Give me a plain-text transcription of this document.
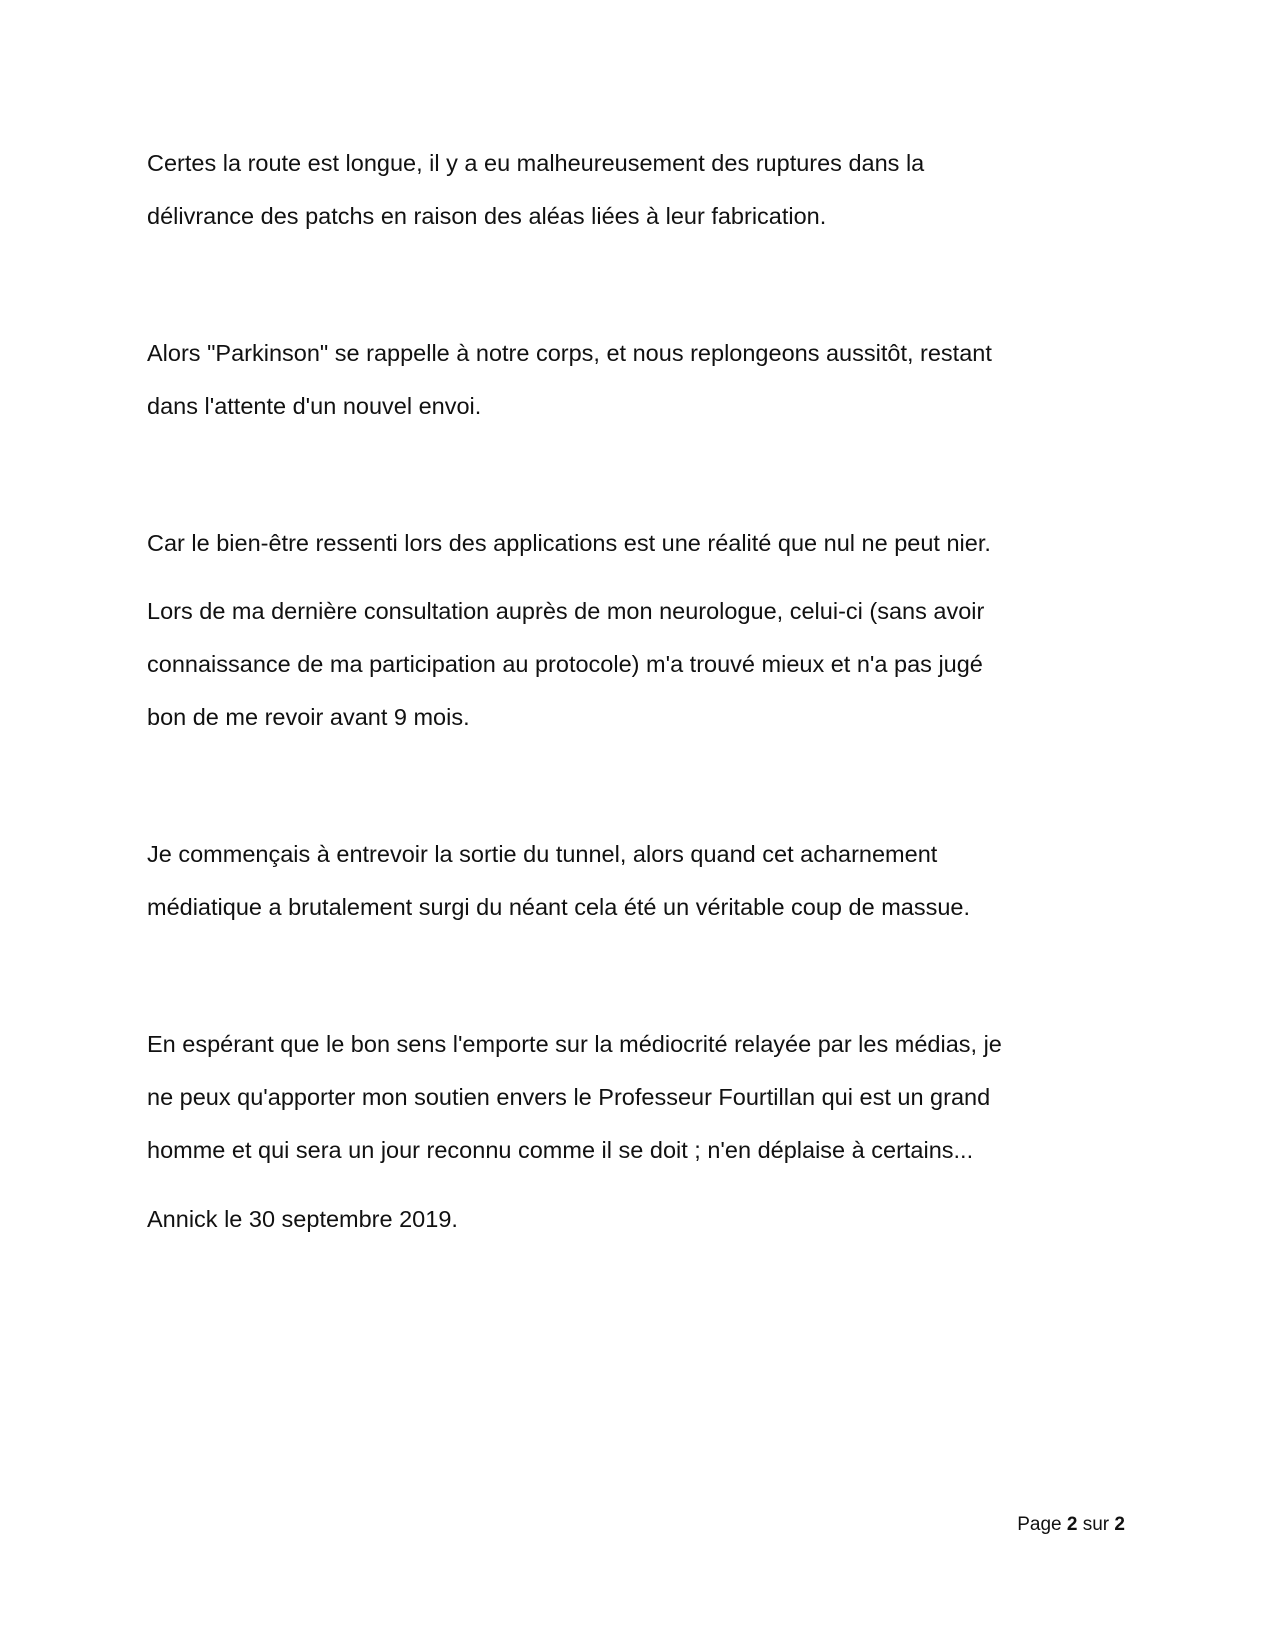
Certes la route est longue, il y a eu malheureusement des ruptures dans la
délivrance des patchs en raison des aléas liées à leur fabrication.

Alors "Parkinson" se rappelle à notre corps, et nous replongeons aussitôt, restant
dans l'attente d'un nouvel envoi.

Car le bien-être ressenti lors des applications est une réalité que nul ne peut nier.

Lors de ma dernière consultation auprès de mon neurologue, celui-ci (sans avoir
connaissance de ma participation au protocole) m'a trouvé mieux et n'a pas jugé
bon de me revoir avant 9 mois.

Je commençais à entrevoir la sortie du tunnel, alors quand cet acharnement
médiatique a brutalement surgi du néant cela été un véritable coup de massue.

En espérant que le bon sens l'emporte sur la médiocrité relayée par les médias, je
ne peux qu'apporter mon soutien envers le Professeur Fourtillan qui est un grand
homme et qui sera un jour reconnu comme il se doit ; n'en déplaise à certains...

Annick le 30 septembre 2019.

Page 2 sur 2
